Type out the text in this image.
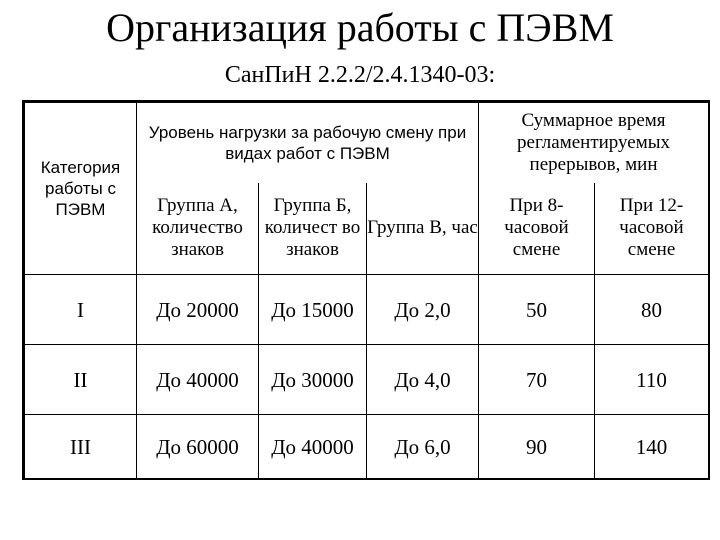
Организация работы с ПЭВМ
СанПиН 2.2.2/2.4.1340-03:
Категория работы с ПЭВМ	Уровень нагрузки за рабочую смену при видах работ с ПЭВМ			Суммарное время регламентируемых перерывов, мин	
	Группа А, количество знаков	Группа Б, количест во знаков	Группа В, час	При 8-часовой смене	При 12-часовой смене
I	До 20000	До 15000	До 2,0	50	80
II	До 40000	До 30000	До 4,0	70	110
III	До 60000	До 40000	До 6,0	90	140
